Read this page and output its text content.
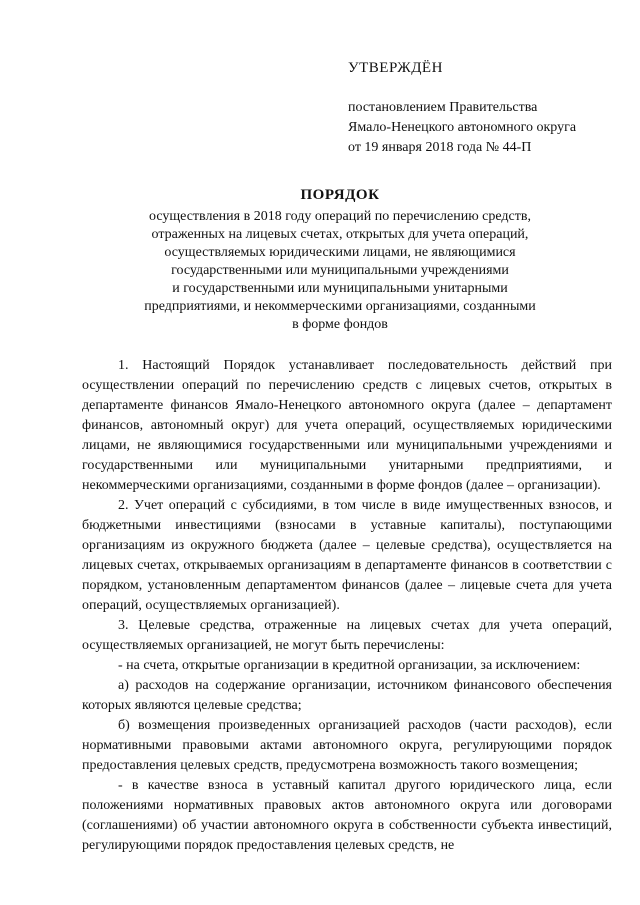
УТВЕРЖДЁН
постановлением Правительства
Ямало-Ненецкого автономного округа
от 19 января 2018 года № 44-П
ПОРЯДОК
осуществления в 2018 году операций по перечислению средств,
отраженных на лицевых счетах, открытых для учета операций,
осуществляемых юридическими лицами, не являющимися
государственными или муниципальными учреждениями
и государственными или муниципальными унитарными
предприятиями, и некоммерческими организациями, созданными
в форме фондов

1. Настоящий Порядок устанавливает последовательность действий при осуществлении операций по перечислению средств с лицевых счетов, открытых в департаменте финансов Ямало-Ненецкого автономного округа (далее – департамент финансов, автономный округ) для учета операций, осуществляемых юридическими лицами, не являющимися государственными или муниципальными учреждениями и государственными или муниципальными унитарными предприятиями, и некоммерческими организациями, созданными в форме фондов (далее – организации).

2. Учет операций с субсидиями, в том числе в виде имущественных взносов, и бюджетными инвестициями (взносами в уставные капиталы), поступающими организациям из окружного бюджета (далее – целевые средства), осуществляется на лицевых счетах, открываемых организациям в департаменте финансов в соответствии с порядком, установленным департаментом финансов (далее – лицевые счета для учета операций, осуществляемых организацией).

3. Целевые средства, отраженные на лицевых счетах для учета операций, осуществляемых организацией, не могут быть перечислены:

- на счета, открытые организации в кредитной организации, за исключением:

а) расходов на содержание организации, источником финансового обеспечения которых являются целевые средства;

б) возмещения произведенных организацией расходов (части расходов), если нормативными правовыми актами автономного округа, регулирующими порядок предоставления целевых средств, предусмотрена возможность такого возмещения;

- в качестве взноса в уставный капитал другого юридического лица, если положениями нормативных правовых актов автономного округа или договорами (соглашениями) об участии автономного округа в собственности субъекта инвестиций, регулирующими порядок предоставления целевых средств, не
